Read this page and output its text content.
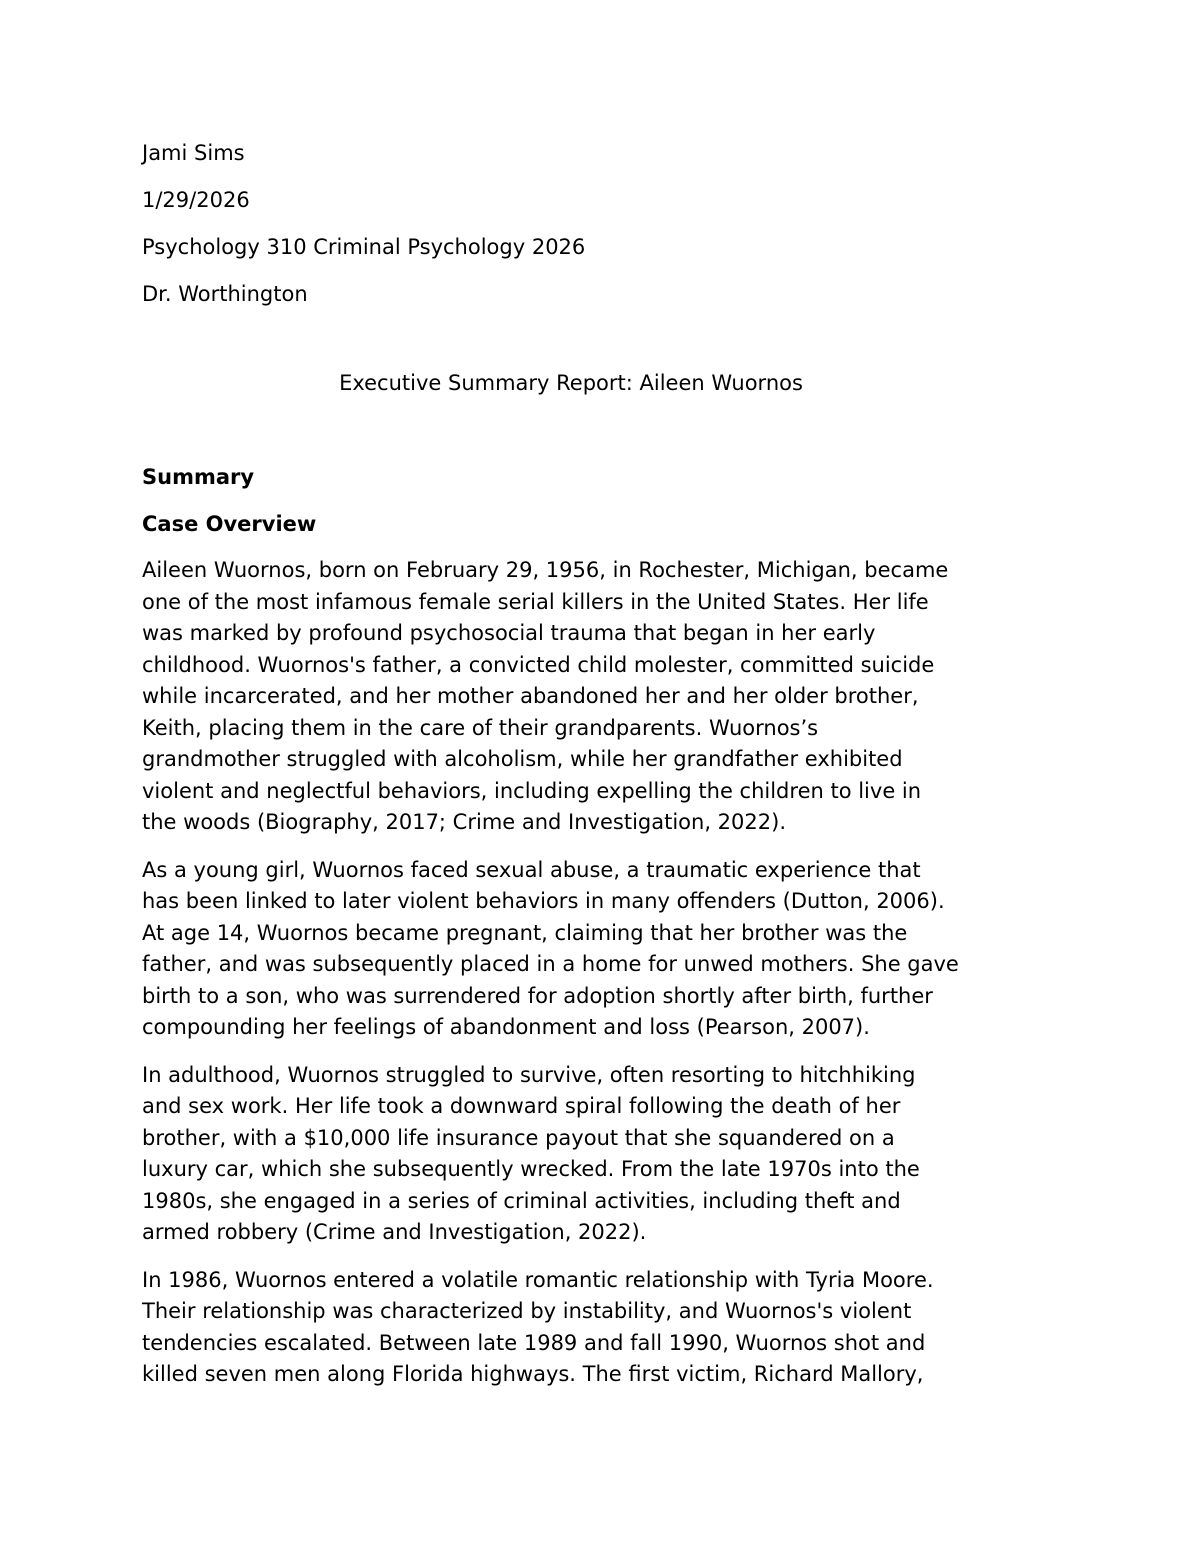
Jami Sims
1/29/2026
Psychology 310 Criminal Psychology 2026
Dr. Worthington
Executive Summary Report: Aileen Wuornos
Summary
Case Overview

Aileen Wuornos, born on February 29, 1956, in Rochester, Michigan, became
one of the most infamous female serial killers in the United States. Her life
was marked by profound psychosocial trauma that began in her early
childhood. Wuornos's father, a convicted child molester, committed suicide
while incarcerated, and her mother abandoned her and her older brother,
Keith, placing them in the care of their grandparents. Wuornos’s
grandmother struggled with alcoholism, while her grandfather exhibited
violent and neglectful behaviors, including expelling the children to live in
the woods (Biography, 2017; Crime and Investigation, 2022).

As a young girl, Wuornos faced sexual abuse, a traumatic experience that
has been linked to later violent behaviors in many offenders (Dutton, 2006).
At age 14, Wuornos became pregnant, claiming that her brother was the
father, and was subsequently placed in a home for unwed mothers. She gave
birth to a son, who was surrendered for adoption shortly after birth, further
compounding her feelings of abandonment and loss (Pearson, 2007).

In adulthood, Wuornos struggled to survive, often resorting to hitchhiking
and sex work. Her life took a downward spiral following the death of her
brother, with a $10,000 life insurance payout that she squandered on a
luxury car, which she subsequently wrecked. From the late 1970s into the
1980s, she engaged in a series of criminal activities, including theft and
armed robbery (Crime and Investigation, 2022).

In 1986, Wuornos entered a volatile romantic relationship with Tyria Moore.
Their relationship was characterized by instability, and Wuornos's violent
tendencies escalated. Between late 1989 and fall 1990, Wuornos shot and
killed seven men along Florida highways. The first victim, Richard Mallory,
